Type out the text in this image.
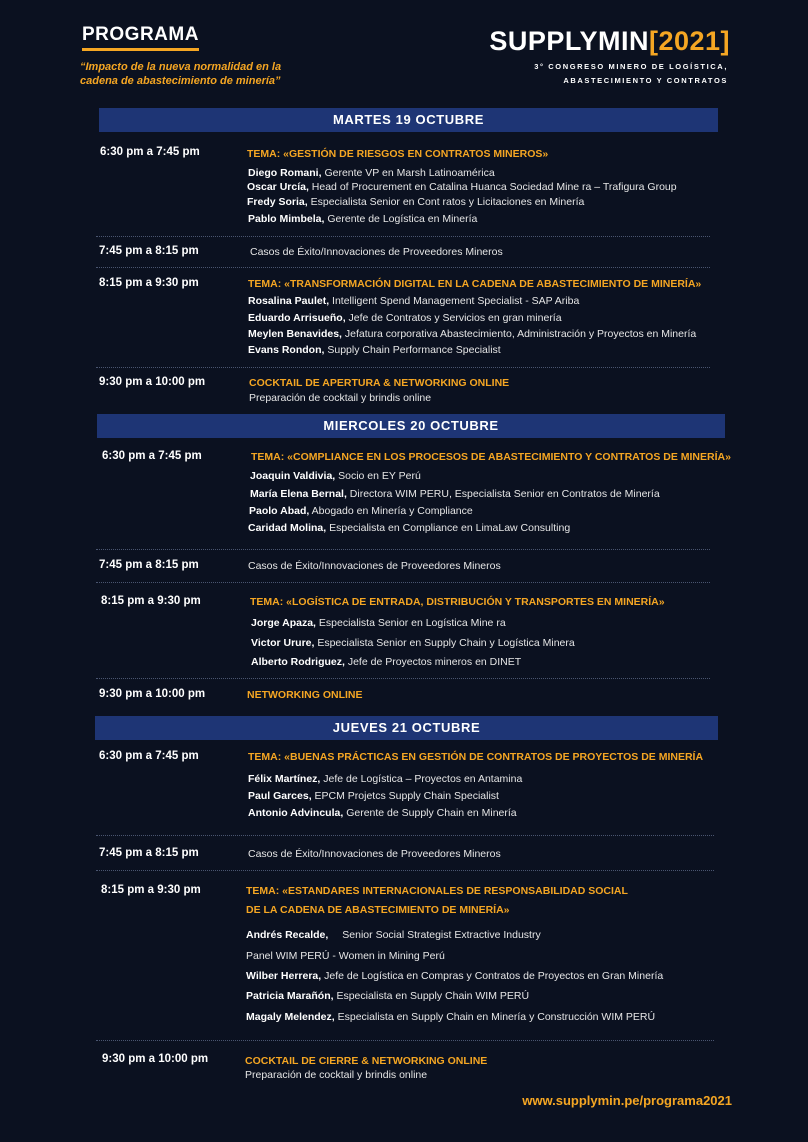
PROGRAMA
“Impacto de la nueva normalidad en la
cadena de abastecimiento de minería”
SUPPLYMIN[2021]
3° CONGRESO MINERO DE LOGÍSTICA,
ABASTECIMIENTO Y CONTRATOS
MARTES 19 OCTUBRE
6:30 pm a 7:45 pm	TEMA: «GESTIÓN DE RIESGOS EN CONTRATOS MINEROS»
Diego Romani, Gerente VP en Marsh Latinoamérica
Oscar Urcía, Head of Procurement en Catalina Huanca Sociedad Mine ra – Trafigura Group
Fredy Soria, Especialista Senior en Cont ratos y Licitaciones en Minería
Pablo Mimbela, Gerente de Logística en Minería
7:45 pm a 8:15 pm	Casos de Éxito/Innovaciones de Proveedores Mineros
8:15 pm a 9:30 pm	TEMA: «TRANSFORMACIÓN DIGITAL EN LA CADENA DE ABASTECIMIENTO DE MINERÍA»
Rosalina Paulet, Intelligent Spend Management Specialist - SAP Ariba
Eduardo Arrisueño, Jefe de Contratos y Servicios en gran minería
Meylen Benavides, Jefatura corporativa Abastecimiento, Administración y Proyectos en Minería
Evans Rondon, Supply Chain Performance Specialist
9:30 pm a 10:00 pm	COCKTAIL DE APERTURA & NETWORKING ONLINE
Preparación de cocktail y brindis online
MIERCOLES 20 OCTUBRE
6:30 pm a 7:45 pm	TEMA: «COMPLIANCE EN LOS PROCESOS DE ABASTECIMIENTO Y CONTRATOS DE MINERÍA»
Joaquin Valdivia, Socio en EY Perú
María Elena Bernal, Directora WIM PERU, Especialista Senior en Contratos de Minería
Paolo Abad, Abogado en Minería y Compliance
Caridad Molina, Especialista en Compliance en LimaLaw Consulting
7:45 pm a 8:15 pm	Casos de Éxito/Innovaciones de Proveedores Mineros
8:15 pm a 9:30 pm	TEMA: «LOGÍSTICA DE ENTRADA, DISTRIBUCIÓN Y TRANSPORTES EN MINERÍA»
Jorge Apaza, Especialista Senior en Logística Mine ra
Victor Urure, Especialista Senior en Supply Chain y Logística Minera
Alberto Rodriguez, Jefe de Proyectos mineros en DINET
9:30 pm a 10:00 pm	NETWORKING ONLINE
JUEVES 21 OCTUBRE
6:30 pm a 7:45 pm	TEMA: «BUENAS PRÁCTICAS EN GESTIÓN DE CONTRATOS DE PROYECTOS DE MINERÍA
Félix Martínez, Jefe de Logística – Proyectos en Antamina
Paul Garces, EPCM Projetcs Supply Chain Specialist
Antonio Advincula, Gerente de Supply Chain en Minería
7:45 pm a 8:15 pm	Casos de Éxito/Innovaciones de Proveedores Mineros
8:15 pm a 9:30 pm	TEMA: «ESTANDARES INTERNACIONALES DE RESPONSABILIDAD SOCIAL
DE LA CADENA DE ABASTECIMIENTO DE MINERÍA»
Andrés Recalde, Senior Social Strategist Extractive Industry
Panel WIM PERÚ - Women in Mining Perú
Wilber Herrera, Jefe de Logística en Compras y Contratos de Proyectos en Gran Minería
Patricia Marañón, Especialista en Supply Chain WIM PERÚ
Magaly Melendez, Especialista en Supply Chain en Minería y Construcción WIM PERÚ
9:30 pm a 10:00 pm	COCKTAIL DE CIERRE & NETWORKING ONLINE
Preparación de cocktail y brindis online
www.supplymin.pe/programa2021
